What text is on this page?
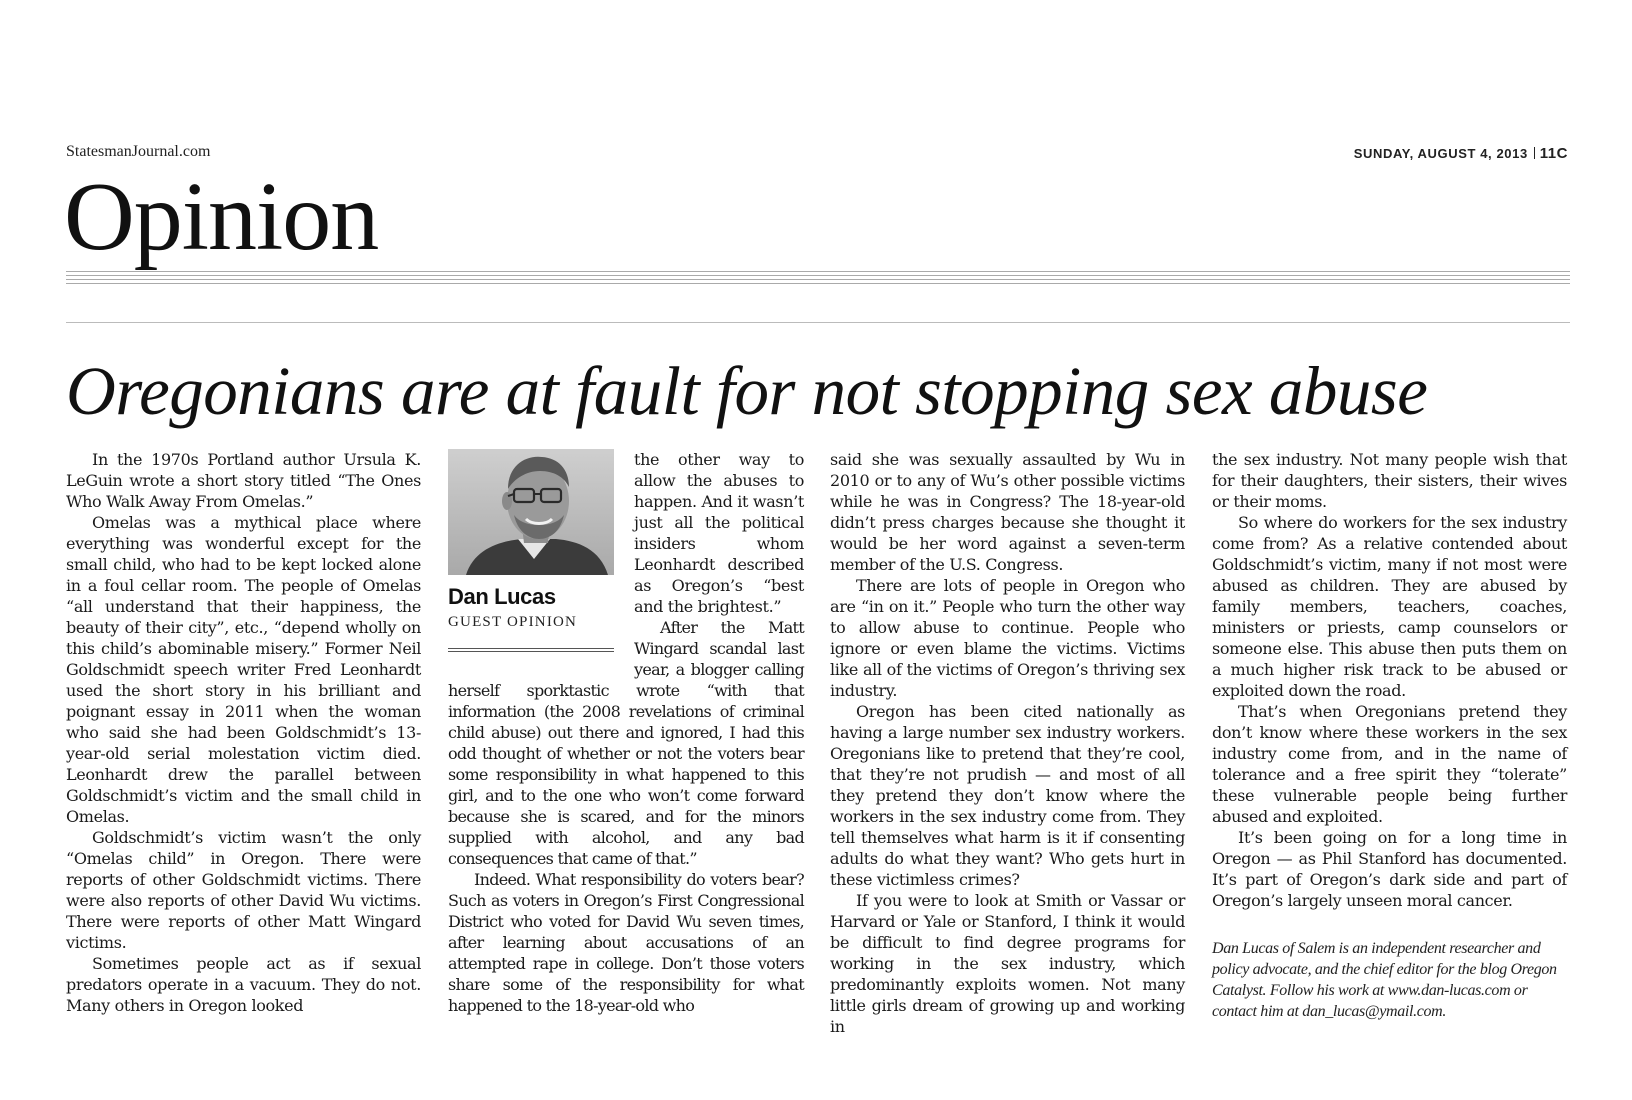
StatesmanJournal.com	SUNDAY, AUGUST 4, 2013 11C
Opinion
Oregonians are at fault for not stopping sex abuse

In the 1970s Portland author Ursula K. LeGuin wrote a short story titled “The Ones Who Walk Away From Omelas.”

Omelas was a mythical place where everything was wonderful except for the small child, who had to be kept locked alone in a foul cellar room. The people of Omelas “all understand that their happiness, the beauty of their city”, etc., “depend wholly on this child’s abominable misery.” Former Neil Goldschmidt speech writer Fred Leonhardt used the short story in his brilliant and poignant essay in 2011 when the woman who said she had been Goldschmidt’s 13-year-old serial molestation victim died. Leonhardt drew the parallel between Goldschmidt’s victim and the small child in Omelas.

Goldschmidt’s victim wasn’t the only “Omelas child” in Oregon. There were reports of other Goldschmidt victims. There were also reports of other David Wu victims. There were reports of other Matt Wingard victims.

Sometimes people act as if sexual predators operate in a vacuum. They do not. Many others in Oregon looked

Dan Lucas
GUEST OPINION

the other way to allow the abuses to happen. And it wasn’t just all the political insiders whom Leonhardt described as Oregon’s “best and the brightest.”

After the Matt Wingard scandal last year, a blogger calling herself sporktastic wrote “with that information (the 2008 revelations of criminal child abuse) out there and ignored, I had this odd thought of whether or not the voters bear some responsibility in what happened to this girl, and to the one who won’t come forward because she is scared, and for the minors supplied with alcohol, and any bad consequences that came of that.”

Indeed. What responsibility do voters bear? Such as voters in Oregon’s First Congressional District who voted for David Wu seven times, after learning about accusations of an attempted rape in college. Don’t those voters share some of the responsibility for what happened to the 18-year-old who

said she was sexually assaulted by Wu in 2010 or to any of Wu’s other possible victims while he was in Congress? The 18-year-old didn’t press charges because she thought it would be her word against a seven-term member of the U.S. Congress.

There are lots of people in Oregon who are “in on it.” People who turn the other way to allow abuse to continue. People who ignore or even blame the victims. Victims like all of the victims of Oregon’s thriving sex industry.

Oregon has been cited nationally as having a large number sex industry workers. Oregonians like to pretend that they’re cool, that they’re not prudish — and most of all they pretend they don’t know where the workers in the sex industry come from. They tell themselves what harm is it if consenting adults do what they want? Who gets hurt in these victimless crimes?

If you were to look at Smith or Vassar or Harvard or Yale or Stanford, I think it would be difficult to find degree programs for working in the sex industry, which predominantly exploits women. Not many little girls dream of growing up and working in

the sex industry. Not many people wish that for their daughters, their sisters, their wives or their moms.

So where do workers for the sex industry come from? As a relative contended about Goldschmidt’s victim, many if not most were abused as children. They are abused by family members, teachers, coaches, ministers or priests, camp counselors or someone else. This abuse then puts them on a much higher risk track to be abused or exploited down the road.

That’s when Oregonians pretend they don’t know where these workers in the sex industry come from, and in the name of tolerance and a free spirit they “tolerate” these vulnerable people being further abused and exploited.

It’s been going on for a long time in Oregon — as Phil Stanford has documented. It’s part of Oregon’s dark side and part of Oregon’s largely unseen moral cancer.

Dan Lucas of Salem is an independent researcher and policy advocate, and the chief editor for the blog Oregon Catalyst. Follow his work at www.dan-lucas.com or contact him at dan_lucas@ymail.com.
